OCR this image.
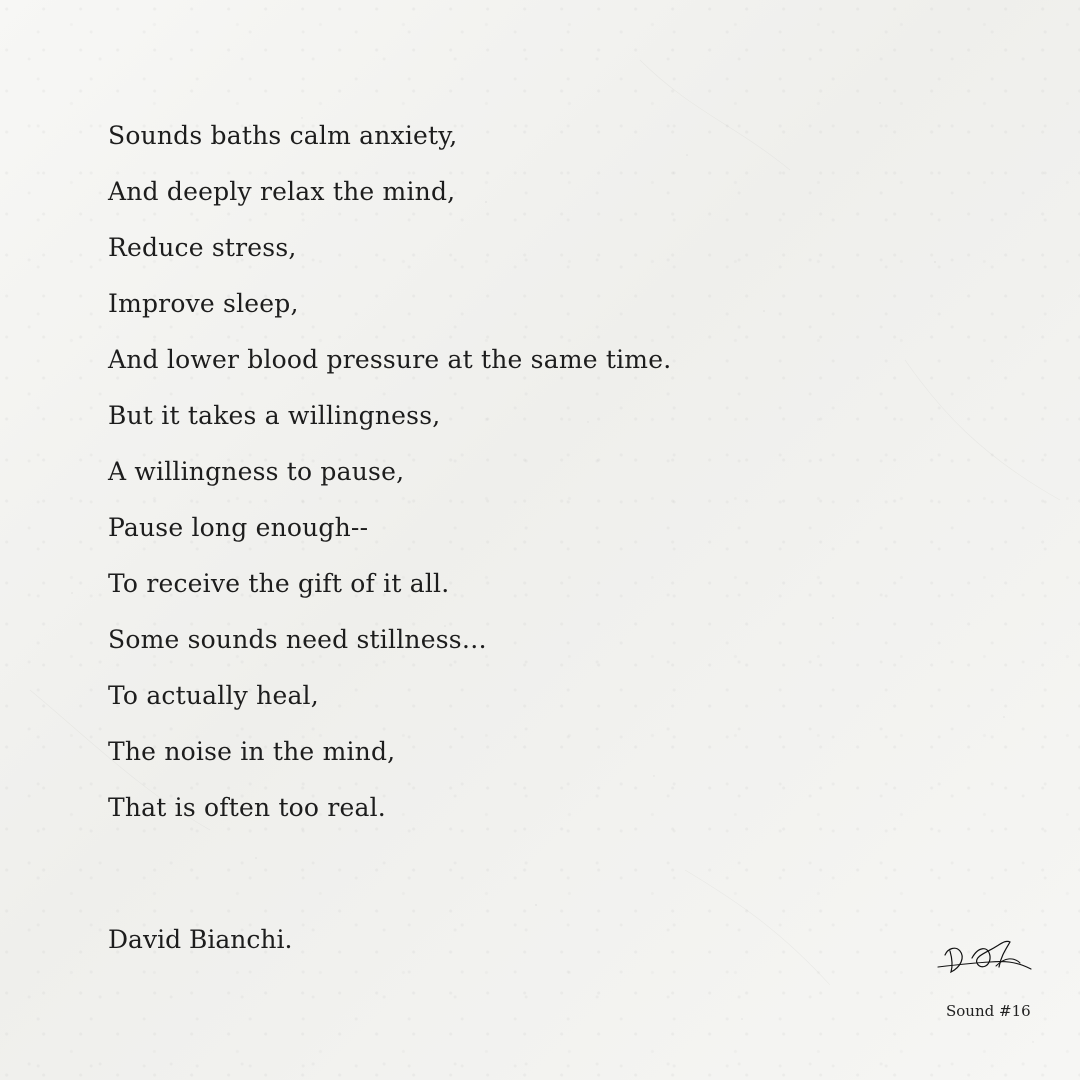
Sounds baths calm anxiety,
And deeply relax the mind,
Reduce stress,
Improve sleep,
And lower blood pressure at the same time.
But it takes a willingness,
A willingness to pause,
Pause long enough--
To receive the gift of it all.
Some sounds need stillness…
To actually heal,
The noise in the mind,
That is often too real.
David Bianchi.
Sound #16
